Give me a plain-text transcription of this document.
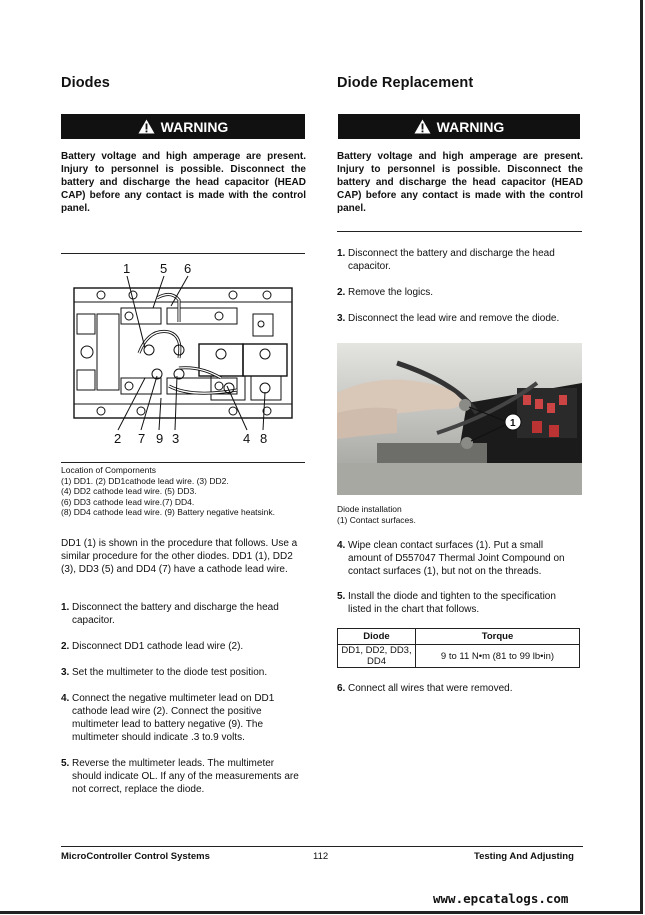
Diodes
WARNING
Battery voltage and high amperage are present. Injury to personnel is possible. Disconnect the battery and discharge the head capacitor (HEAD CAP) before any contact is made with the control panel.
1 5 6
2 7 9 3	4 8
Location of Compornents
(1) DD1. (2) DD1cathode lead wire. (3) DD2.
(4) DD2 cathode lead wire. (5) DD3.
(6) DD3 cathode lead wire.(7) DD4.
(8) DD4 cathode lead wire. (9) Battery negative heatsink.
DD1 (1) is shown in the procedure that follows. Use a similar procedure for the other diodes. DD1 (1), DD2 (3), DD3 (5) and DD4 (7) have a cathode lead wire.
1. Disconnect the battery and discharge the head capacitor.
2. Disconnect DD1 cathode lead wire (2).
3. Set the multimeter to the diode test position.
4. Connect the negative multimeter lead on DD1 cathode lead wire (2). Connect the positive multimeter lead to battery negative (9). The multimeter should indicate .3 to.9 volts.
5. Reverse the multimeter leads. The multimeter should indicate OL. If any of the measurements are not correct, replace the diode.
Diode Replacement
WARNING
Battery voltage and high amperage are present. Injury to personnel is possible. Disconnect the battery and discharge the head capacitor (HEAD CAP) before any contact is made with the control panel.
1. Disconnect the battery and discharge the head capacitor.
2. Remove the logics.
3. Disconnect the lead wire and remove the diode.
1
Diode installation
(1) Contact surfaces.
4. Wipe clean contact surfaces (1). Put a small amount of D557047 Thermal Joint Compound on contact surfaces (1), but not on the threads.
5. Install the diode and tighten to the specification listed in the chart that follows.
Diode	Torque
DD1, DD2, DD3, DD4	9 to 11 N•m (81 to 99 lb•in)
6. Connect all wires that were removed.
MicroController Control Systems	112	Testing And Adjusting
www.epcatalogs.com
